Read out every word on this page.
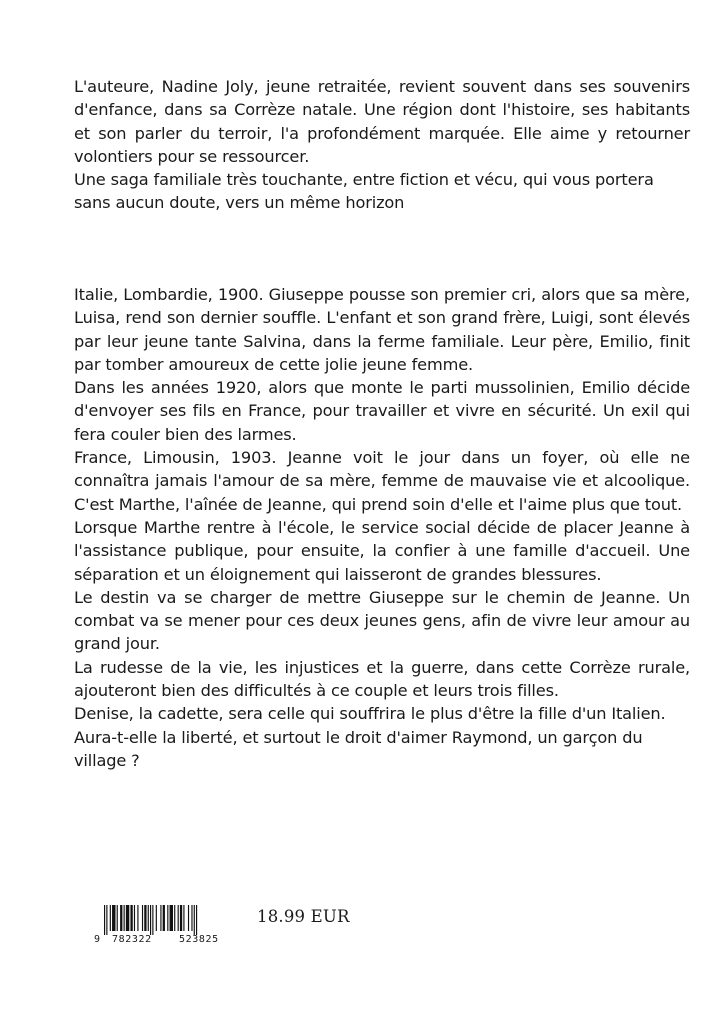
L'auteure, Nadine Joly, jeune retraitée, revient souvent dans ses souvenirs d'enfance, dans sa Corrèze natale. Une région dont l'histoire, ses habitants et son parler du terroir, l'a profondément marquée. Elle aime y retourner volontiers pour se ressourcer.

Une saga familiale très touchante, entre fiction et vécu, qui vous portera sans aucun doute, vers un même horizon

Italie, Lombardie, 1900. Giuseppe pousse son premier cri, alors que sa mère, Luisa, rend son dernier souffle. L'enfant et son grand frère, Luigi, sont élevés par leur jeune tante Salvina, dans la ferme familiale. Leur père, Emilio, finit par tomber amoureux de cette jolie jeune femme.

Dans les années 1920, alors que monte le parti mussolinien, Emilio décide d'envoyer ses fils en France, pour travailler et vivre en sécurité. Un exil qui fera couler bien des larmes.

France, Limousin, 1903. Jeanne voit le jour dans un foyer, où elle ne connaîtra jamais l'amour de sa mère, femme de mauvaise vie et alcoolique. C'est Marthe, l'aînée de Jeanne, qui prend soin d'elle et l'aime plus que tout.

Lorsque Marthe rentre à l'école, le service social décide de placer Jeanne à l'assistance publique, pour ensuite, la confier à une famille d'accueil. Une séparation et un éloignement qui laisseront de grandes blessures.

Le destin va se charger de mettre Giuseppe sur le chemin de Jeanne. Un combat va se mener pour ces deux jeunes gens, afin de vivre leur amour au grand jour.

La rudesse de la vie, les injustices et la guerre, dans cette Corrèze rurale, ajouteront bien des difficultés à ce couple et leurs trois filles.

Denise, la cadette, sera celle qui souffrira le plus d'être la fille d'un Italien. Aura-t-elle la liberté, et surtout le droit d'aimer Raymond, un garçon du village ?

9 782322	523825
18.99 EUR
